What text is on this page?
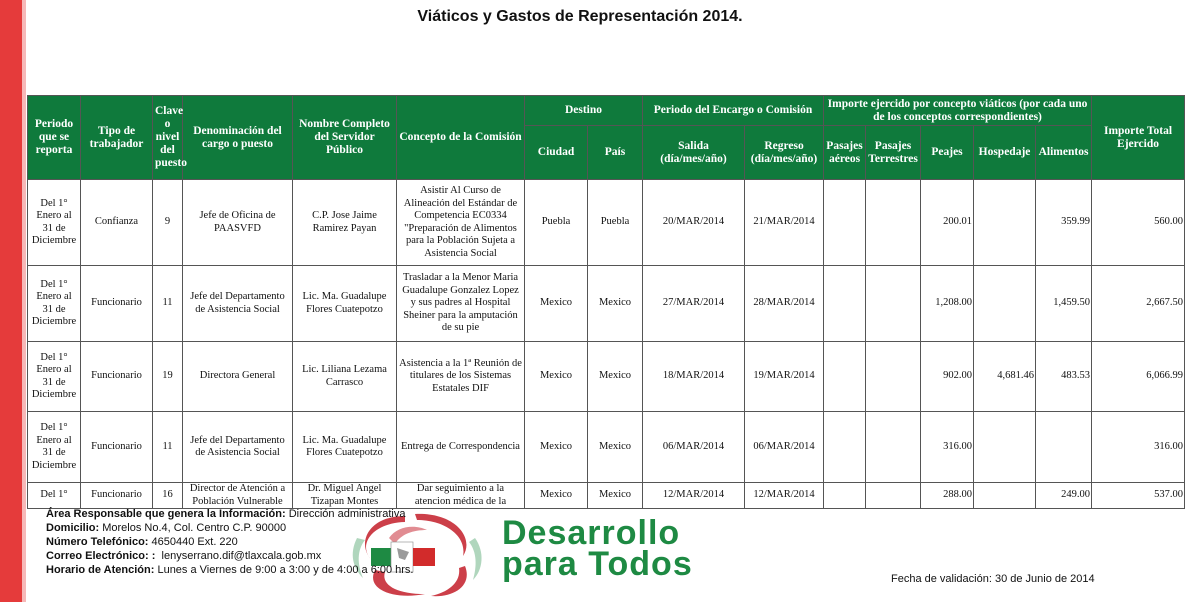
Viáticos y Gastos de Representación 2014.
Periodo que se reporta	Tipo de trabajador	Clave o nivel del puesto	Denominación del cargo o puesto	Nombre Completo del Servidor Público	Concepto de la Comisión	Destino		Periodo del Encargo o Comisión		Importe ejercido por concepto viáticos (por cada uno de los conceptos correspondientes)					Importe Total Ejercido
						Ciudad	País	Salida (día/mes/año)	Regreso (día/mes/año)	Pasajes aéreos	Pasajes Terrestres	Peajes	Hospedaje	Alimentos	
Del 1° Enero al 31 de Diciembre	Confianza	9	Jefe de Oficina de PAASVFD	C.P. Jose Jaime Ramirez Payan	Asistir Al Curso de Alineación del Estándar de Competencia EC0334 "Preparación de Alimentos para la Población Sujeta a Asistencia Social	Puebla	Puebla	20/MAR/2014	21/MAR/2014			200.01		359.99	560.00
Del 1° Enero al 31 de Diciembre	Funcionario	11	Jefe del Departamento de Asistencia Social	Lic. Ma. Guadalupe Flores Cuatepotzo	Trasladar a la Menor Maria Guadalupe Gonzalez Lopez y sus padres al Hospital Sheiner para la amputación de su pie	Mexico	Mexico	27/MAR/2014	28/MAR/2014			1,208.00		1,459.50	2,667.50
Del 1° Enero al 31 de Diciembre	Funcionario	19	Directora General	Lic. Liliana Lezama Carrasco	Asistencia a la 1ª Reunión de titulares de los Sistemas Estatales DIF	Mexico	Mexico	18/MAR/2014	19/MAR/2014			902.00	4,681.46	483.53	6,066.99
Del 1° Enero al 31 de Diciembre	Funcionario	11	Jefe del Departamento de Asistencia Social	Lic. Ma. Guadalupe Flores Cuatepotzo	Entrega de Correspondencia	Mexico	Mexico	06/MAR/2014	06/MAR/2014			316.00			316.00
Del 1°	Funcionario	16	Director de Atención a Población Vulnerable	Dr. Miguel Angel Tizapan Montes	Dar seguimiento a la atencion médica de la	Mexico	Mexico	12/MAR/2014	12/MAR/2014			288.00		249.00	537.00
Desarrollo
para Todos
Área Responsable que genera la Información: Dirección administrativa
Domicilio: Morelos No.4, Col. Centro C.P. 90000
Número Telefónico: 4650440 Ext. 220
Correo Electrónico: : lenyserrano.dif@tlaxcala.gob.mx
Horario de Atención: Lunes a Viernes de 9:00 a 3:00 y de 4:00 a 6:00 hrs.
Fecha de validación: 30 de Junio de 2014
